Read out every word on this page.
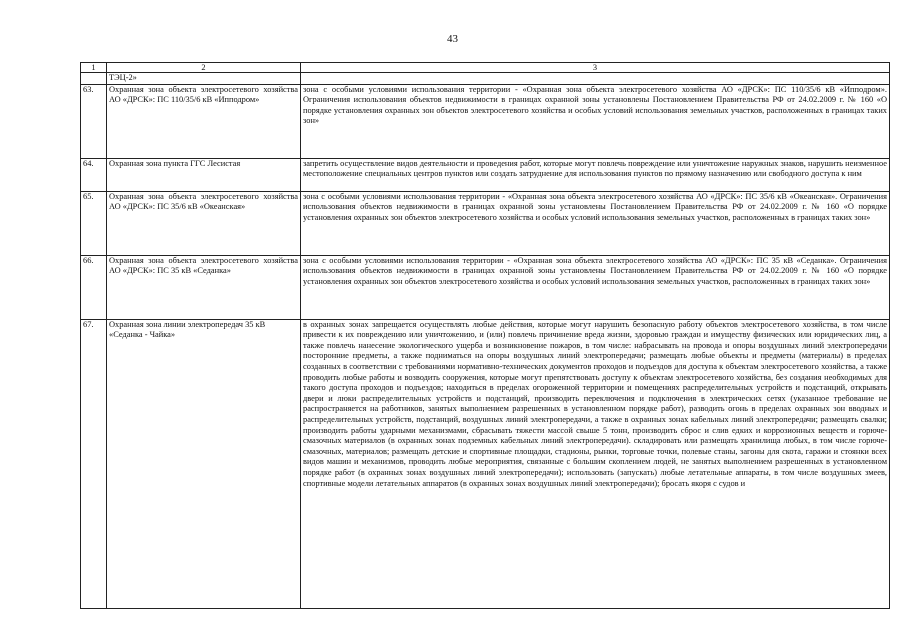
43
1	2	3
	ТЭЦ-2»	
63.	Охранная зона объекта электросетевого хозяйства АО «ДРСК»: ПС 110/35/6 кВ «Ипподром»	зона с особыми условиями использования территории - «Охранная зона объекта электросетевого хозяйства АО «ДРСК»: ПС 110/35/6 кВ «Ипподром». Ограничения использования объектов недвижимости в границах охранной зоны установлены Постановлением Правительства РФ от 24.02.2009 г. № 160 «О порядке установления охранных зон объектов электросетевого хозяйства и особых условий использования земельных участков, расположенных в границах таких зон»
64.	Охранная зона пункта ГГС Лесистая	запретить осуществление видов деятельности и проведения работ, которые могут повлечь повреждение или уничтожение наружных знаков, нарушить неизменное местоположение специальных центров пунктов или создать затруднение для использования пунктов по прямому назначению или свободного доступа к ним
65.	Охранная зона объекта электросетевого хозяйства АО «ДРСК»: ПС 35/6 кВ «Океанская»	зона с особыми условиями использования территории - «Охранная зона объекта электросетевого хозяйства АО «ДРСК»: ПС 35/6 кВ «Океанская». Ограничения использования объектов недвижимости в границах охранной зоны установлены Постановлением Правительства РФ от 24.02.2009 г. № 160 «О порядке установления охранных зон объектов электросетевого хозяйства и особых условий использования земельных участков, расположенных в границах таких зон»
66.	Охранная зона объекта электросетевого хозяйства АО «ДРСК»: ПС 35 кВ «Седанка»	зона с особыми условиями использования территории - «Охранная зона объекта электросетевого хозяйства АО «ДРСК»: ПС 35 кВ «Седанка». Ограничения использования объектов недвижимости в границах охранной зоны установлены Постановлением Правительства РФ от 24.02.2009 г. № 160 «О порядке установления охранных зон объектов электросетевого хозяйства и особых условий использования земельных участков, расположенных в границах таких зон»
67.	Охранная зона линии электропередач 35 кВ «Седанка - Чайка»	в охранных зонах запрещается осуществлять любые действия, которые могут нарушить безопасную работу объектов электросетевого хозяйства, в том числе привести к их повреждению или уничтожению, и (или) повлечь причинение вреда жизни, здоровью граждан и имуществу физических или юридических лиц, а также повлечь нанесение экологического ущерба и возникновение пожаров, в том числе: набрасывать на провода и опоры воздушных линий электропередачи посторонние предметы, а также подниматься на опоры воздушных линий электропередачи; размещать любые объекты и предметы (материалы) в пределах созданных в соответствии с требованиями нормативно-технических документов проходов и подъездов для доступа к объектам электросетевого хозяйства, а также проводить любые работы и возводить сооружения, которые могут препятствовать доступу к объектам электросетевого хозяйства, без создания необходимых для такого доступа проходов и подъездов; находиться в пределах огороженной территории и помещениях распределительных устройств и подстанций, открывать двери и люки распределительных устройств и подстанций, производить переключения и подключения в электрических сетях (указанное требование не распространяется на работников, занятых выполнением разрешенных в установленном порядке работ), разводить огонь в пределах охранных зон вводных и распределительных устройств, подстанций, воздушных линий электропередачи, а также в охранных зонах кабельных линий электропередачи; размещать свалки; производить работы ударными механизмами, сбрасывать тяжести массой свыше 5 тонн, производить сброс и слив едких и коррозионных веществ и горюче-смазочных материалов (в охранных зонах подземных кабельных линий электропередачи). складировать или размещать хранилища любых, в том числе горюче-смазочных, материалов; размещать детские и спортивные площадки, стадионы, рынки, торговые точки, полевые станы, загоны для скота, гаражи и стоянки всех видов машин и механизмов, проводить любые мероприятия, связанные с большим скоплением людей, не занятых выполнением разрешенных в установленном порядке работ (в охранных зонах воздушных линий электропередачи); использовать (запускать) любые летательные аппараты, в том числе воздушных змеев, спортивные модели летательных аппаратов (в охранных зонах воздушных линий электропередачи); бросать якоря с судов и
